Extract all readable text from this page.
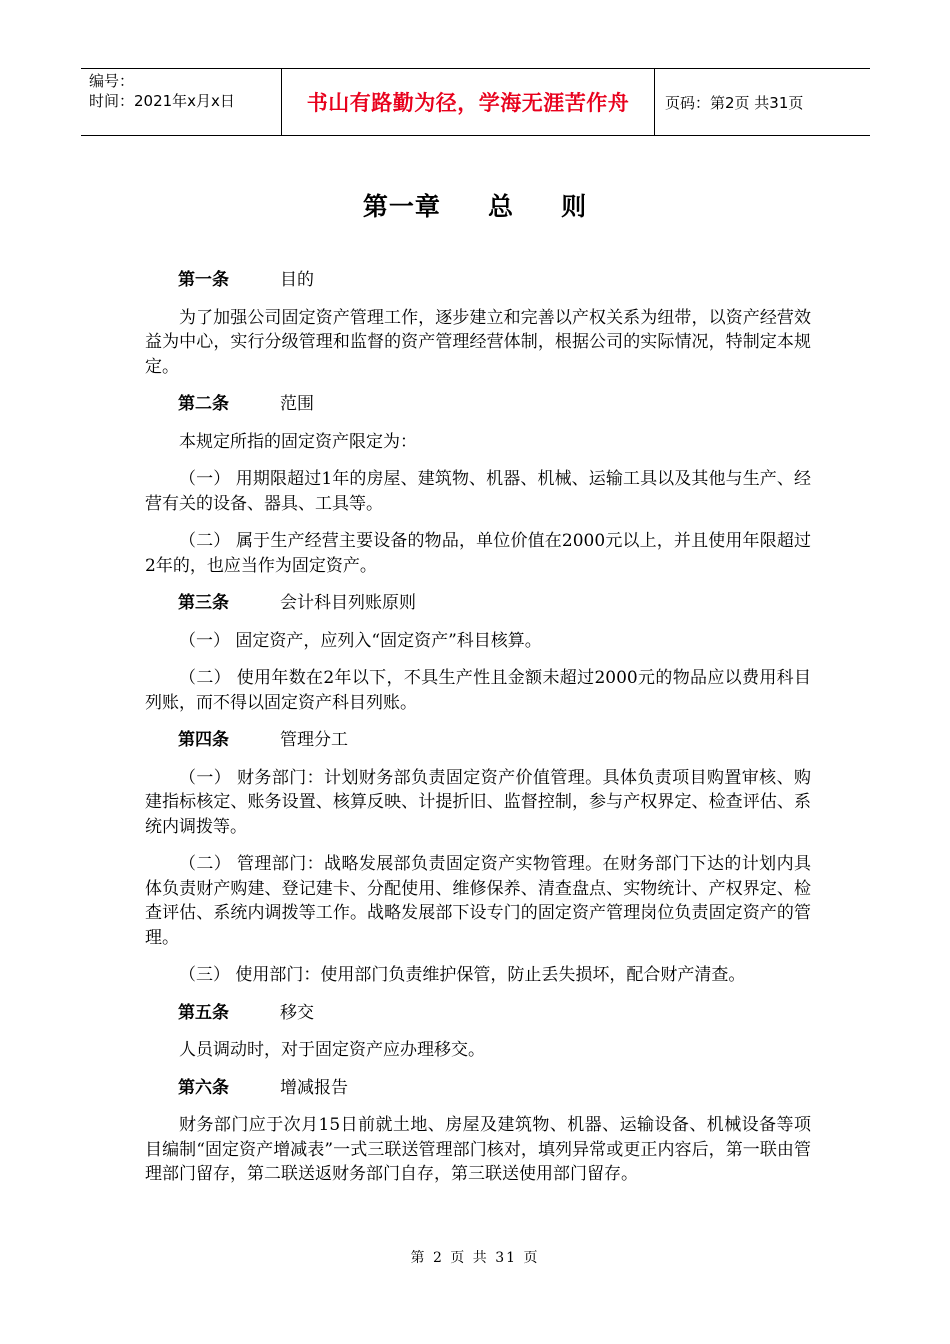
编号：
时间：2021年x月x日	书山有路勤为径，学海无涯苦作舟	页码：第2页 共31页
第一章   总   则
第一条	目的
为了加强公司固定资产管理工作，逐步建立和完善以产权关系为纽带，以资产经营效益为中心，实行分级管理和监督的资产管理经营体制，根据公司的实际情况，特制定本规定。
第二条	范围
本规定所指的固定资产限定为：
（一） 用期限超过1年的房屋、建筑物、机器、机械、运输工具以及其他与生产、经营有关的设备、器具、工具等。
（二） 属于生产经营主要设备的物品，单位价值在2000元以上，并且使用年限超过2年的，也应当作为固定资产。
第三条	会计科目列账原则
（一） 固定资产，应列入“固定资产”科目核算。
（二） 使用年数在2年以下，不具生产性且金额未超过2000元的物品应以费用科目列账，而不得以固定资产科目列账。
第四条	管理分工
（一） 财务部门：计划财务部负责固定资产价值管理。具体负责项目购置审核、购建指标核定、账务设置、核算反映、计提折旧、监督控制，参与产权界定、检查评估、系统内调拨等。
（二） 管理部门：战略发展部负责固定资产实物管理。在财务部门下达的计划内具体负责财产购建、登记建卡、分配使用、维修保养、清查盘点、实物统计、产权界定、检查评估、系统内调拨等工作。战略发展部下设专门的固定资产管理岗位负责固定资产的管理。
（三） 使用部门：使用部门负责维护保管，防止丢失损坏，配合财产清查。
第五条	移交
人员调动时，对于固定资产应办理移交。
第六条	增减报告
财务部门应于次月15日前就土地、房屋及建筑物、机器、运输设备、机械设备等项目编制“固定资产增减表”一式三联送管理部门核对，填列异常或更正内容后，第一联由管理部门留存，第二联送返财务部门自存，第三联送使用部门留存。
第 2 页 共 31 页
